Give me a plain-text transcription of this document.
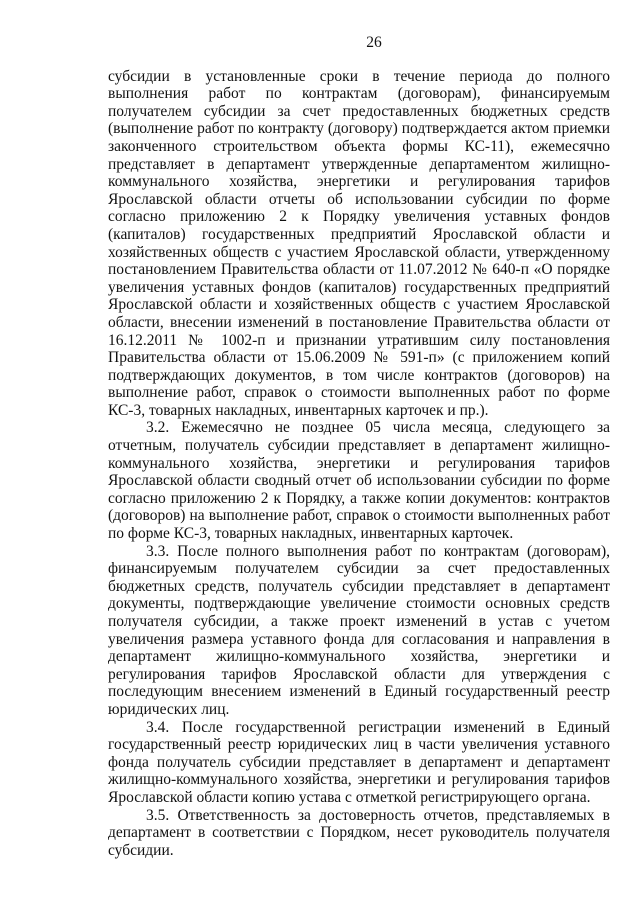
26

субсидии в установленные сроки в течение периода до полного выполнения работ по контрактам (договорам), финансируемым получателем субсидии за счет предоставленных бюджетных средств (выполнение работ по контракту (договору) подтверждается актом приемки законченного строительством объекта формы КС-11), ежемесячно представляет в департамент утвержденные департаментом жилищно-коммунального хозяйства, энергетики и регулирования тарифов Ярославской области отчеты об использовании субсидии по форме согласно приложению 2 к Порядку увеличения уставных фондов (капиталов) государственных предприятий Ярославской области и хозяйственных обществ с участием Ярославской области, утвержденному постановлением Правительства области от 11.07.2012 № 640-п «О порядке увеличения уставных фондов (капиталов) государственных предприятий Ярославской области и хозяйственных обществ с участием Ярославской области, внесении изменений в постановление Правительства области от 16.12.2011 № 1002-п и признании утратившим силу постановления Правительства области от 15.06.2009 № 591-п» (с приложением копий подтверждающих документов, в том числе контрактов (договоров) на выполнение работ, справок о стоимости выполненных работ по форме КС-3, товарных накладных, инвентарных карточек и пр.).

3.2. Ежемесячно не позднее 05 числа месяца, следующего за отчетным, получатель субсидии представляет в департамент жилищно-коммунального хозяйства, энергетики и регулирования тарифов Ярославской области сводный отчет об использовании субсидии по форме согласно приложению 2 к Порядку, а также копии документов: контрактов (договоров) на выполнение работ, справок о стоимости выполненных работ по форме КС-3, товарных накладных, инвентарных карточек.

3.3. После полного выполнения работ по контрактам (договорам), финансируемым получателем субсидии за счет предоставленных бюджетных средств, получатель субсидии представляет в департамент документы, подтверждающие увеличение стоимости основных средств получателя субсидии, а также проект изменений в устав с учетом увеличения размера уставного фонда для согласования и направления в департамент жилищно-коммунального хозяйства, энергетики и регулирования тарифов Ярославской области для утверждения с последующим внесением изменений в Единый государственный реестр юридических лиц.

3.4. После государственной регистрации изменений в Единый государственный реестр юридических лиц в части увеличения уставного фонда получатель субсидии представляет в департамент и департамент жилищно-коммунального хозяйства, энергетики и регулирования тарифов Ярославской области копию устава с отметкой регистрирующего органа.

3.5. Ответственность за достоверность отчетов, представляемых в департамент в соответствии с Порядком, несет руководитель получателя субсидии.
